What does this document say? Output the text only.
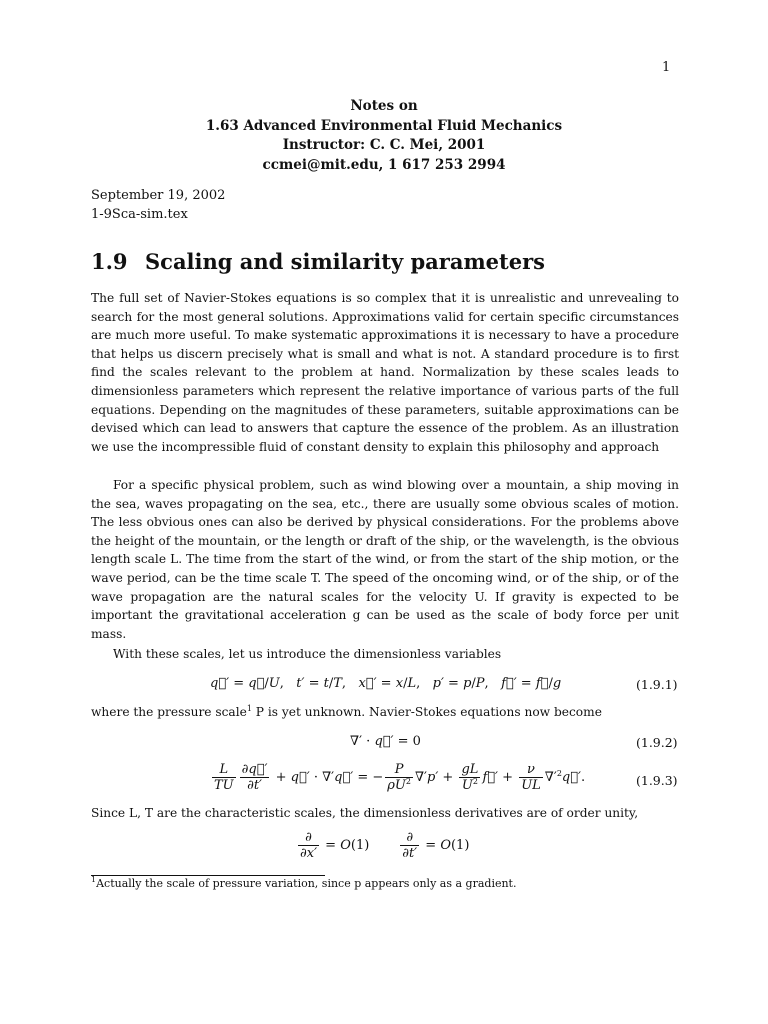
1
Notes on
1.63 Advanced Environmental Fluid Mechanics
Instructor: C. C. Mei, 2001
ccmei@mit.edu, 1 617 253 2994
September 19, 2002
1-9Sca-sim.tex
1.9 Scaling and similarity parameters
The full set of Navier-Stokes equations is so complex that it is unrealistic and unrevealing to search for the most general solutions. Approximations valid for certain specific circumstances are much more useful. To make systematic approximations it is necessary to have a procedure that helps us discern precisely what is small and what is not. A standard procedure is to first find the scales relevant to the problem at hand. Normalization by these scales leads to dimensionless parameters which represent the relative importance of various parts of the full equations. Depending on the magnitudes of these parameters, suitable approximations can be devised which can lead to answers that capture the essence of the problem. As an illustration we use the incompressible fluid of constant density to explain this philosophy and approach
For a specific physical problem, such as wind blowing over a mountain, a ship moving in the sea, waves propagating on the sea, etc., there are usually some obvious scales of motion. The less obvious ones can also be derived by physical considerations. For the problems above the height of the mountain, or the length or draft of the ship, or the wavelength, is the obvious length scale L. The time from the start of the wind, or from the start of the ship motion, or the wave period, can be the time scale T. The speed of the oncoming wind, or of the ship, or of the wave propagation are the natural scales for the velocity U. If gravity is expected to be important the gravitational acceleration g can be used as the scale of body force per unit mass.
With these scales, let us introduce the dimensionless variables
q⃗′ = q⃗/U,   t′ = t/T,   x⃗′ = x/L,   p′ = p/P,   f⃗′ = f⃗/g	(1.9.1)
where the pressure scale$^1$ P is yet unknown. Navier-Stokes equations now become
∇′ · q⃗′ = 0	(1.9.2)
$\frac{L}{TU} \frac{\partial q⃗'}{\partial t'}$ + q⃗′ · ∇′q⃗′ = − $\frac{P}{\rho U^2} \nabla'p' + \frac{gL}{U^2}$ f⃗′ + $\frac{\nu}{UL}$ $\nabla'^2q⃗'$.	(1.9.3)
Since L, T are the characteristic scales, the dimensionless derivatives are of order unity,
$\frac{\partial}{\partial x'} = O(1) \frac{\partial}{\partial t'} = O(1)$
$^1$Actually the scale of pressure variation, since p appears only as a gradient.
